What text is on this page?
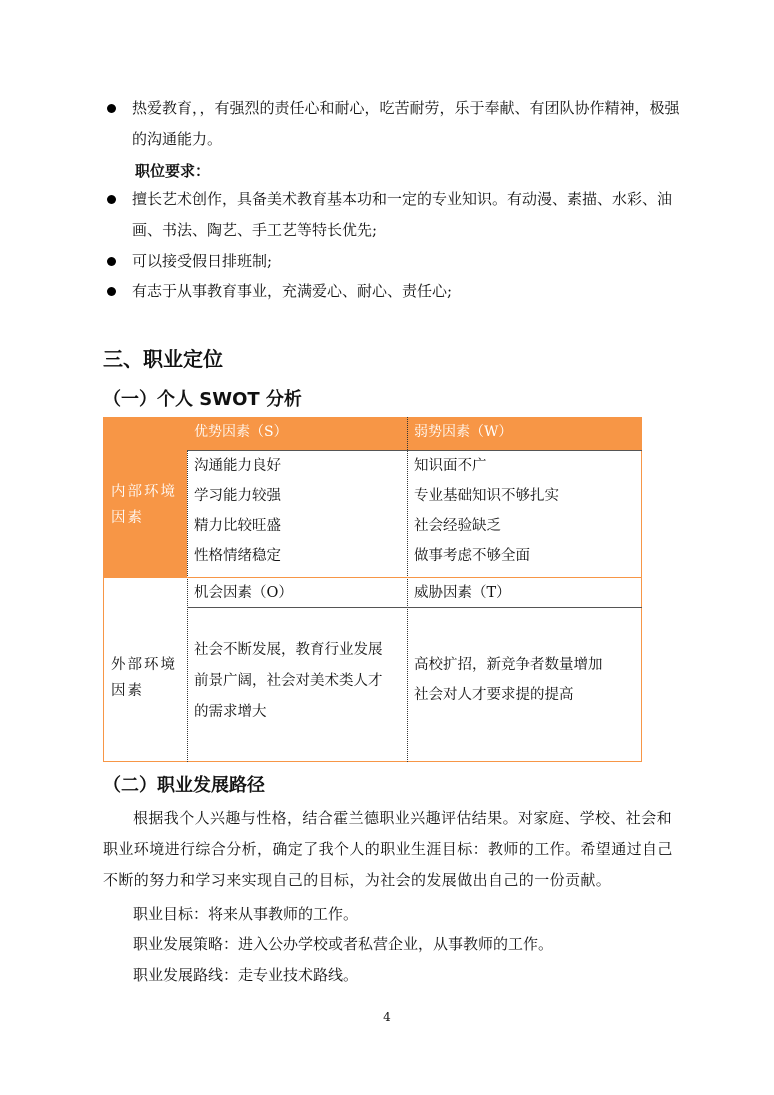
热爱教育，，有强烈的责任心和耐心，吃苦耐劳，乐于奉献、有团队协作精神，极强的沟通能力。
职位要求：
擅长艺术创作，具备美术教育基本功和一定的专业知识。有动漫、素描、水彩、油画、书法、陶艺、手工艺等特长优先;
可以接受假日排班制;
有志于从事教育事业，充满爱心、耐心、责任心;
三、职业定位
（一）个人 SWOT 分析
内部环境因素
优势因素（S）	弱势因素（W）
沟通能力良好
学习能力较强
精力比较旺盛
性格情绪稳定
知识面不广
专业基础知识不够扎实
社会经验缺乏
做事考虑不够全面
外部环境因素
机会因素（O）	威胁因素（T）
社会不断发展，教育行业发展
前景广阔，社会对美术类人才
的需求增大
高校扩招，新竞争者数量增加
社会对人才要求提的提高
（二）职业发展路径
根据我个人兴趣与性格，结合霍兰德职业兴趣评估结果。对家庭、学校、社会和职业环境进行综合分析，确定了我个人的职业生涯目标：教师的工作。希望通过自己不断的努力和学习来实现自己的目标，为社会的发展做出自己的一份贡献。
职业目标：将来从事教师的工作。
职业发展策略：进入公办学校或者私营企业，从事教师的工作。
职业发展路线：走专业技术路线。
4
